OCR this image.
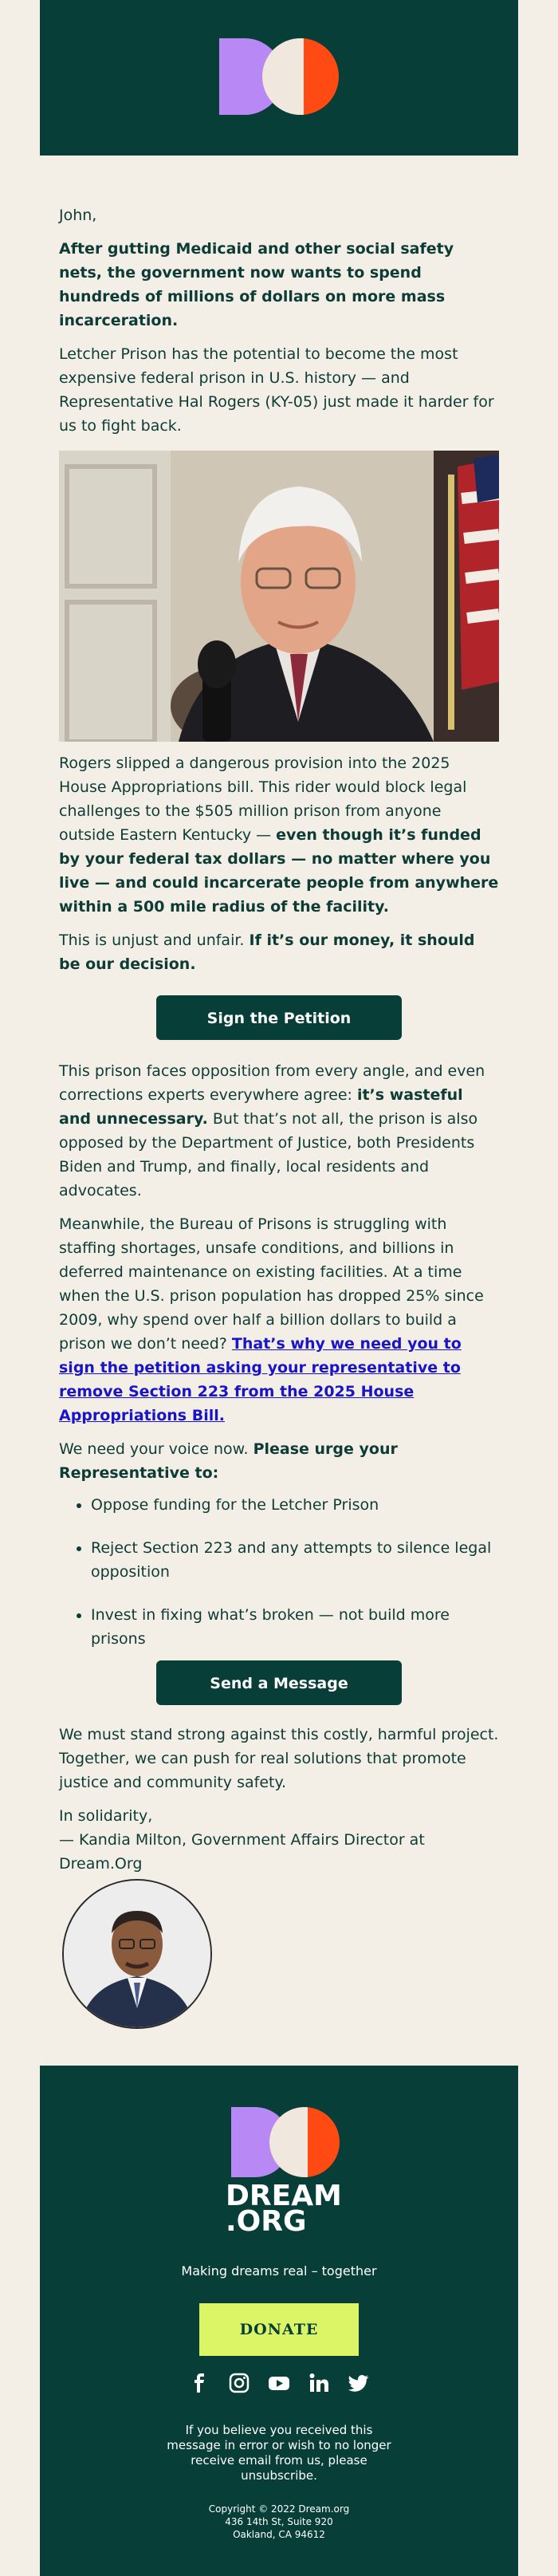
John,

After gutting Medicaid and other social safety nets, the government now wants to spend hundreds of millions of dollars on more mass incarceration.

Letcher Prison has the potential to become the most expensive federal prison in U.S. history — and Representative Hal Rogers (KY-05) just made it harder for us to fight back.

Rogers slipped a dangerous provision into the 2025 House Appropriations bill. This rider would block legal challenges to the $505 million prison from anyone outside Eastern Kentucky — even though it’s funded by your federal tax dollars — no matter where you live — and could incarcerate people from anywhere within a 500 mile radius of the facility.

This is unjust and unfair. If it’s our money, it should be our decision.

Sign the Petition

This prison faces opposition from every angle, and even corrections experts everywhere agree: it’s wasteful and unnecessary. But that’s not all, the prison is also opposed by the Department of Justice, both Presidents Biden and Trump, and finally, local residents and advocates.

Meanwhile, the Bureau of Prisons is struggling with staffing shortages, unsafe conditions, and billions in deferred maintenance on existing facilities. At a time when the U.S. prison population has dropped 25% since 2009, why spend over half a billion dollars to build a prison we don’t need? That’s why we need you to sign the petition asking your representative to remove Section 223 from the 2025 House Appropriations Bill.

We need your voice now. Please urge your Representative to:

• Oppose funding for the Letcher Prison
• Reject Section 223 and any attempts to silence legal opposition
• Invest in fixing what’s broken — not build more prisons
Send a Message

We must stand strong against this costly, harmful project. Together, we can push for real solutions that promote justice and community safety.

In solidarity,

— Kandia Milton, Government Affairs Director at Dream.Org

DREAM
.ORG
Making dreams real – together
DONATE
If you believe you received this message in error or wish to no longer receive email from us, please unsubscribe.
Copyright © 2022 Dream.org
436 14th St, Suite 920
Oakland, CA 94612
